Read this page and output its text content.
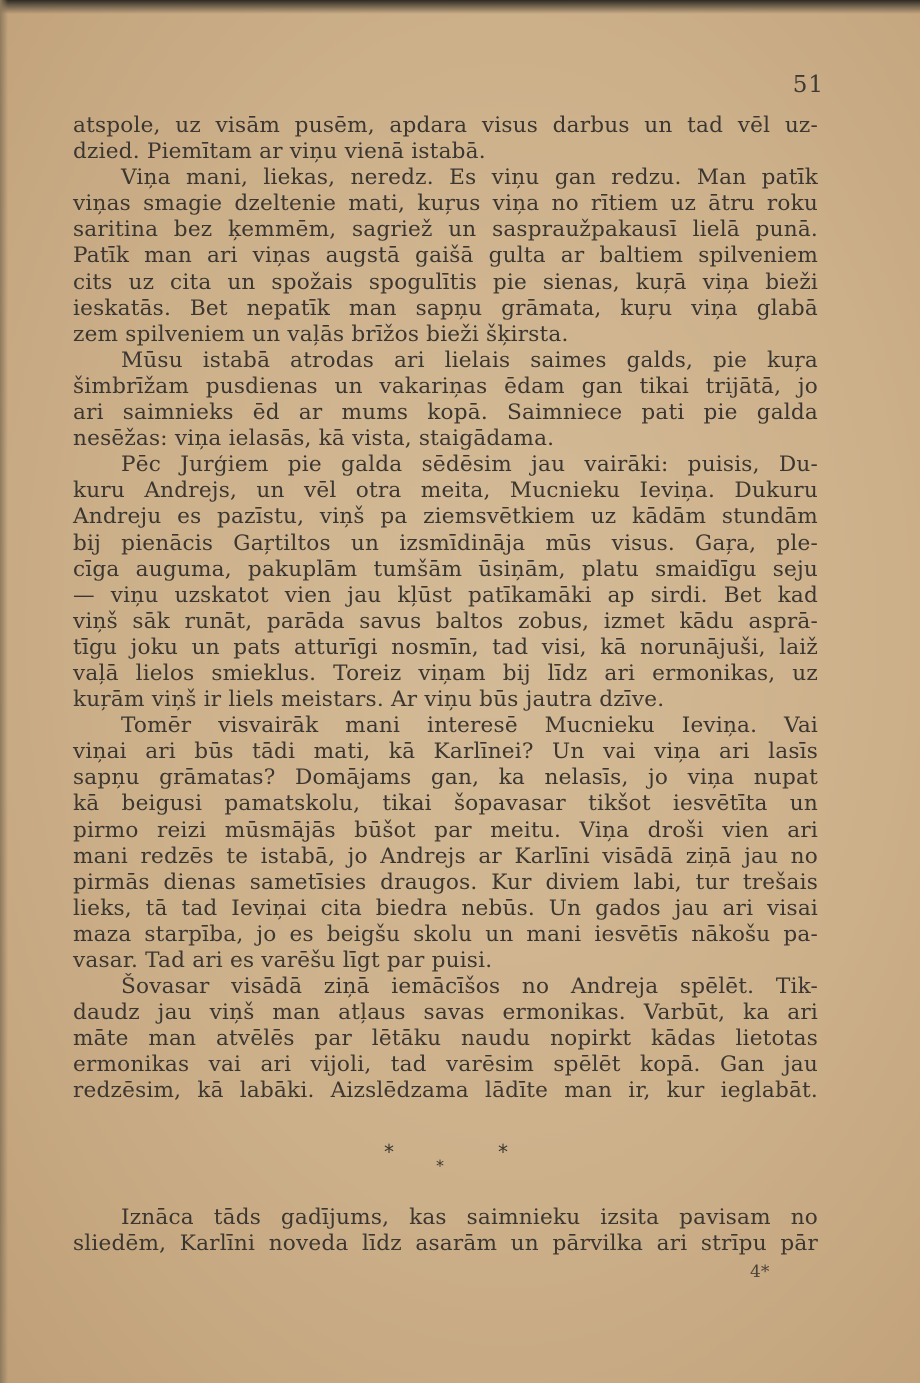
51
atspole, uz visām pusēm, apdara visus darbus un tad vēl uz-
dzied. Piemītam ar viņu vienā istabā.
Viņa mani, liekas, neredz. Es viņu gan redzu. Man patīk
viņas smagie dzeltenie mati, kuŗus viņa no rītiem uz ātru roku
saritina bez ķemmēm, sagriež un saspraužpakausī lielā punā.
Patīk man ari viņas augstā gaišā gulta ar baltiem spilveniem
cits uz cita un spožais spogulītis pie sienas, kuŗā viņa bieži
ieskatās. Bet nepatīk man sapņu grāmata, kuŗu viņa glabā
zem spilveniem un vaļās brīžos bieži šķirsta.
Mūsu istabā atrodas ari lielais saimes galds, pie kuŗa
šimbrīžam pusdienas un vakariņas ēdam gan tikai trijātā, jo
ari saimnieks ēd ar mums kopā. Saimniece pati pie galda
nesēžas: viņa ielasās, kā vista, staigādama.
Pēc Jurģiem pie galda sēdēsim jau vairāki: puisis, Du-
kuru Andrejs, un vēl otra meita, Mucnieku Ieviņa. Dukuru
Andreju es pazīstu, viņš pa ziemsvētkiem uz kādām stundām
bij pienācis Gaŗtiltos un izsmīdināja mūs visus. Gaŗa, ple-
cīga auguma, pakuplām tumšām ūsiņām, platu smaidīgu seju
— viņu uzskatot vien jau kļūst patīkamāki ap sirdi. Bet kad
viņš sāk runāt, parāda savus baltos zobus, izmet kādu asprā-
tīgu joku un pats atturīgi nosmīn, tad visi, kā norunājuši, laiž
vaļā lielos smieklus. Toreiz viņam bij līdz ari ermonikas, uz
kuŗām viņš ir liels meistars. Ar viņu būs jautra dzīve.
Tomēr visvairāk mani interesē Mucnieku Ieviņa. Vai
viņai ari būs tādi mati, kā Karlīnei? Un vai viņa ari lasīs
sapņu grāmatas? Domājams gan, ka nelasīs, jo viņa nupat
kā beigusi pamatskolu, tikai šopavasar tikšot iesvētīta un
pirmo reizi mūsmājās būšot par meitu. Viņa droši vien ari
mani redzēs te istabā, jo Andrejs ar Karlīni visādā ziņā jau no
pirmās dienas sametīsies draugos. Kur diviem labi, tur trešais
lieks, tā tad Ieviņai cita biedra nebūs. Un gados jau ari visai
maza starpība, jo es beigšu skolu un mani iesvētīs nākošu pa-
vasar. Tad ari es varēšu līgt par puisi.
Šovasar visādā ziņā iemācīšos no Andreja spēlēt. Tik-
daudz jau viņš man atļaus savas ermonikas. Varbūt, ka ari
māte man atvēlēs par lētāku naudu nopirkt kādas lietotas
ermonikas vai ari vijoli, tad varēsim spēlēt kopā. Gan jau
redzēsim, kā labāki. Aizslēdzama lādīte man ir, kur ieglabāt.
*	*
*
Iznāca tāds gadījums, kas saimnieku izsita pavisam no
sliedēm, Karlīni noveda līdz asarām un pārvilka ari strīpu pār
4*
